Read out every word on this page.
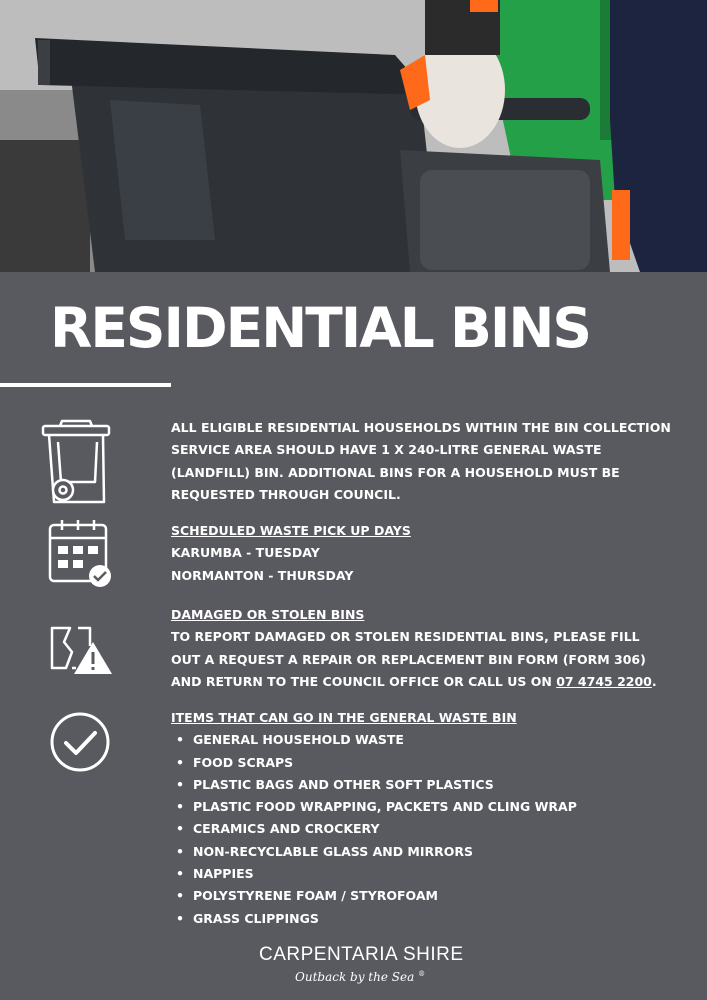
RESIDENTIAL BINS
ALL ELIGIBLE RESIDENTIAL HOUSEHOLDS WITHIN THE BIN COLLECTION SERVICE AREA SHOULD HAVE 1 X 240-LITRE GENERAL WASTE (LANDFILL) BIN. ADDITIONAL BINS FOR A HOUSEHOLD MUST BE REQUESTED THROUGH COUNCIL.
SCHEDULED WASTE PICK UP DAYS
KARUMBA - TUESDAY
NORMANTON - THURSDAY
DAMAGED OR STOLEN BINS
TO REPORT DAMAGED OR STOLEN RESIDENTIAL BINS, PLEASE FILL OUT A REQUEST A REPAIR OR REPLACEMENT BIN FORM (FORM 306) AND RETURN TO THE COUNCIL OFFICE OR CALL US ON 07 4745 2200.
ITEMS THAT CAN GO IN THE GENERAL WASTE BIN
• GENERAL HOUSEHOLD WASTE
• FOOD SCRAPS
• PLASTIC BAGS AND OTHER SOFT PLASTICS
• PLASTIC FOOD WRAPPING, PACKETS AND CLING WRAP
• CERAMICS AND CROCKERY
• NON-RECYCLABLE GLASS AND MIRRORS
• NAPPIES
• POLYSTYRENE FOAM / STYROFOAM
• GRASS CLIPPINGS
CARPENTARIA SHIRE
Outback by the Sea ®
